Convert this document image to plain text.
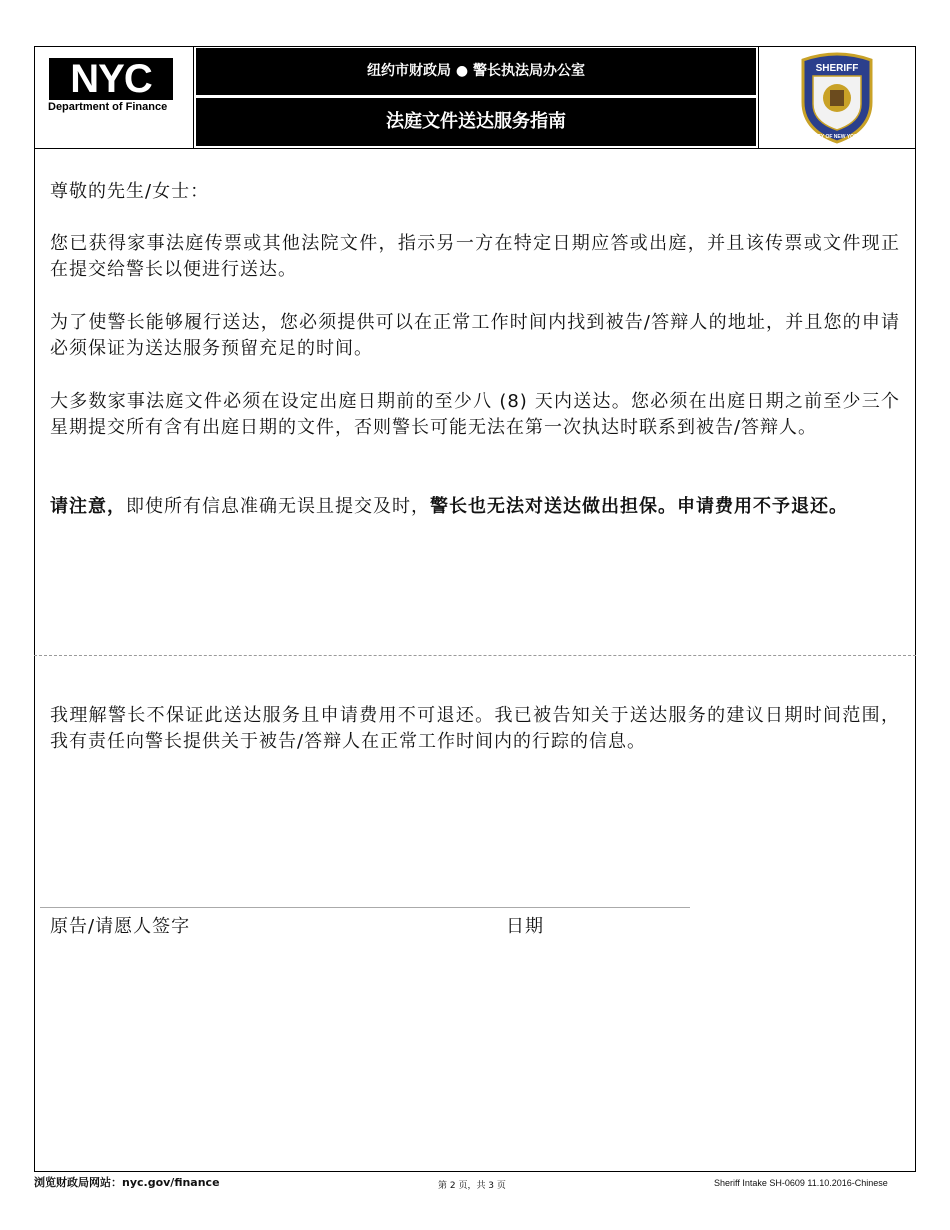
NYC
Department of Finance
纽约市财政局 ● 警长执法局办公室
法庭文件送达服务指南
SHERIFF
CITY OF NEW YORK
尊敬的先生/女士：
您已获得家事法庭传票或其他法院文件，指示另一方在特定日期应答或出庭，并且该传票或文件现正在提交给警长以便进行送达。
为了使警长能够履行送达，您必须提供可以在正常工作时间内找到被告/答辩人的地址，并且您的申请必须保证为送达服务预留充足的时间。
大多数家事法庭文件必须在设定出庭日期前的至少八 (8) 天内送达。您必须在出庭日期之前至少三个星期提交所有含有出庭日期的文件，否则警长可能无法在第一次执达时联系到被告/答辩人。
请注意，即使所有信息准确无误且提交及时，警长也无法对送达做出担保。申请费用不予退还。
我理解警长不保证此送达服务且申请费用不可退还。我已被告知关于送达服务的建议日期时间范围，我有责任向警长提供关于被告/答辩人在正常工作时间内的行踪的信息。
原告/请愿人签字	日期
浏览财政局网站：nyc.gov/finance	第 2 页，共 3 页	Sheriff Intake SH-0609 11.10.2016-Chinese
